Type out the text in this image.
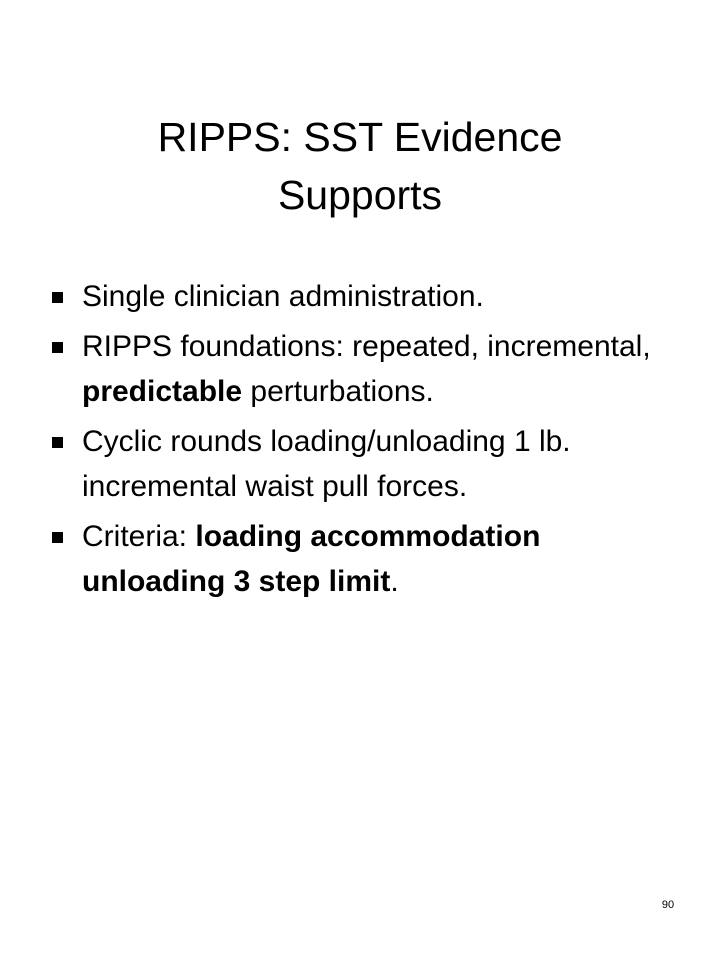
RIPPS: SST Evidence
Supports
Single clinician administration.
RIPPS foundations: repeated, incremental, predictable perturbations.
Cyclic rounds loading/unloading 1 lb. incremental waist pull forces.
Criteria: loading accommodation unloading 3 step limit.
90
